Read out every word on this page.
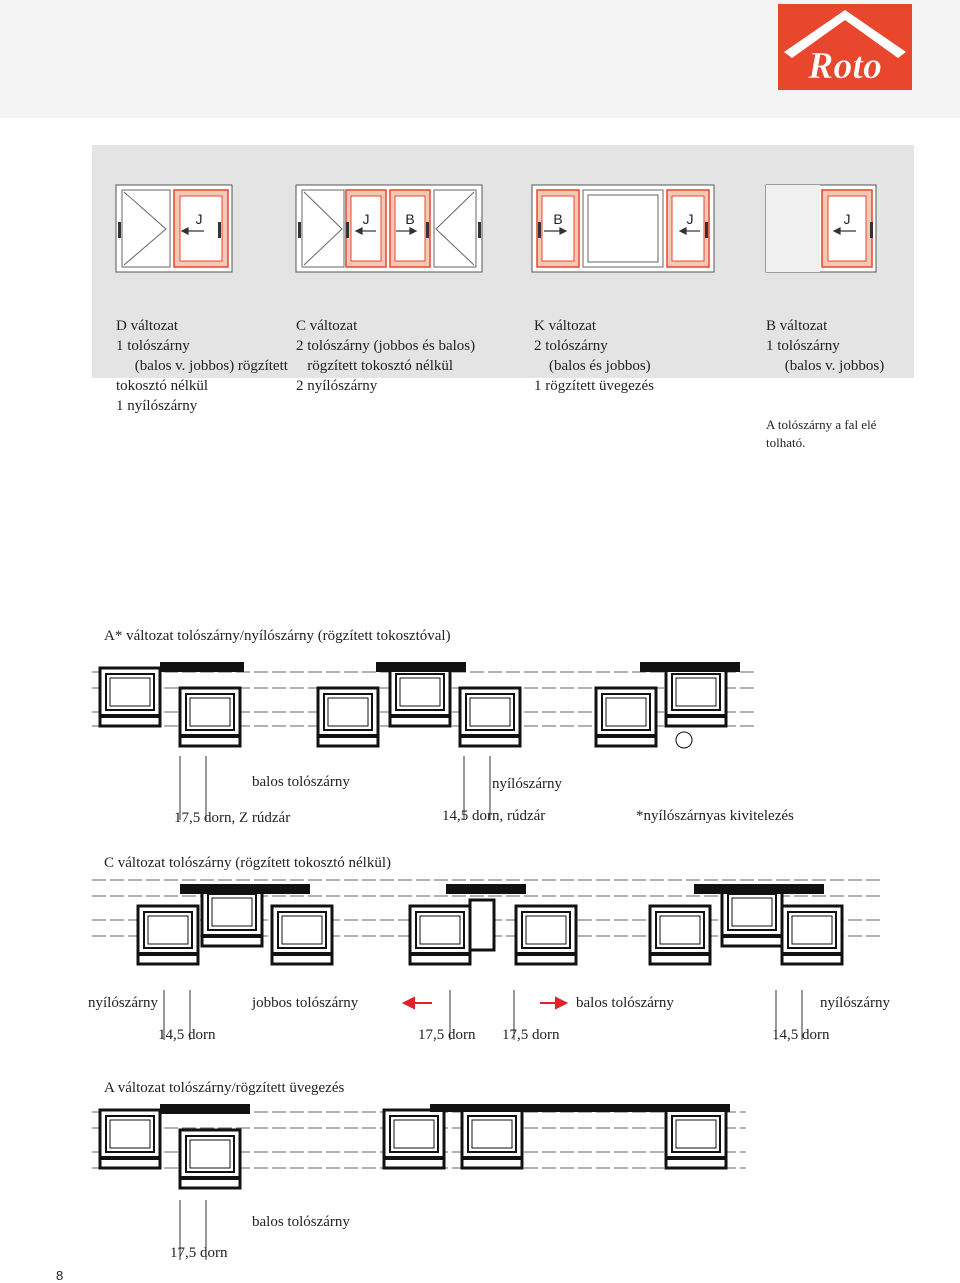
Roto
J	J	B	B	J	J

D változat
1 tolószárny
(balos v. jobbos) rögzített
tokosztó nélkül
1 nyílószárny

C változat
2 tolószárny (jobbos és balos)
rögzített tokosztó nélkül
2 nyílószárny

K változat
2 tolószárny
(balos és jobbos)
1 rögzített üvegezés

B változat
1 tolószárny
(balos v. jobbos)

A tolószárny a fal elé
tolható.

A* változat tolószárny/nyílószárny (rögzített tokosztóval)
balos tolószárny	nyílószárny
17,5 dorn, Z rúdzár	14,5 dorn, rúdzár	*nyílószárnyas kivitelezés
C változat tolószárny (rögzített tokosztó nélkül)
nyílószárny	jobbos tolószárny	balos tolószárny	nyílószárny
14,5 dorn	17,5 dorn 17,5 dorn	14,5 dorn
A változat tolószárny/rögzített üvegezés
balos tolószárny
17,5 dorn
8
